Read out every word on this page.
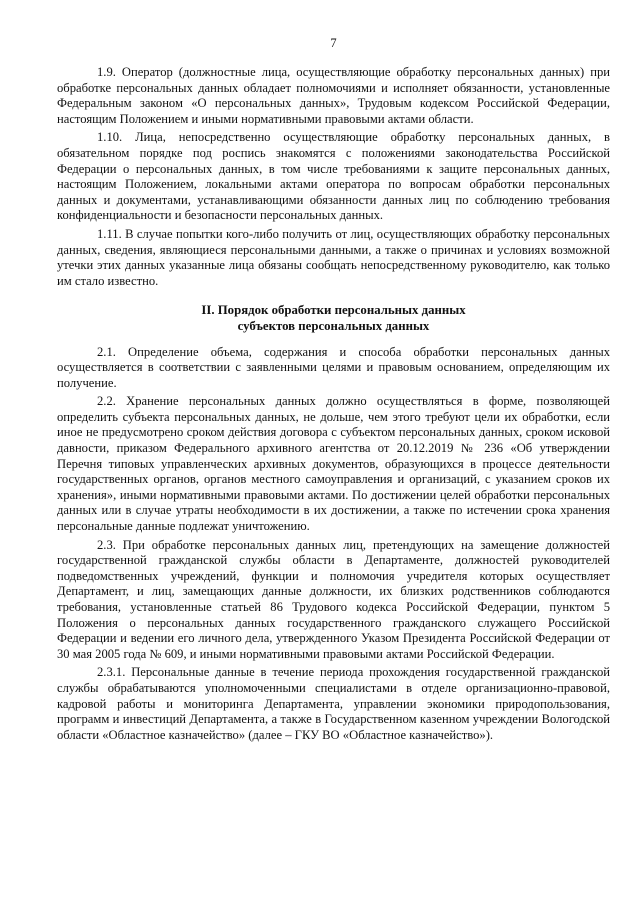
7

1.9. Оператор (должностные лица, осуществляющие обработку персональных данных) при обработке персональных данных обладает полномочиями и исполняет обязанности, установленные Федеральным законом «О персональных данных», Трудовым кодексом Российской Федерации, настоящим Положением и иными нормативными правовыми актами области.

1.10. Лица, непосредственно осуществляющие обработку персональных данных, в обязательном порядке под роспись знакомятся с положениями законодательства Российской Федерации о персональных данных, в том числе требованиями к защите персональных данных, настоящим Положением, локальными актами оператора по вопросам обработки персональных данных и документами, устанавливающими обязанности данных лиц по соблюдению требования конфиденциальности и безопасности персональных данных.

1.11. В случае попытки кого-либо получить от лиц, осуществляющих обработку персональных данных, сведения, являющиеся персональными данными, а также о причинах и условиях возможной утечки этих данных указанные лица обязаны сообщать непосредственному руководителю, как только им стало известно.

II. Порядок обработки персональных данных
субъектов персональных данных

2.1. Определение объема, содержания и способа обработки персональных данных осуществляется в соответствии с заявленными целями и правовым основанием, определяющим их получение.

2.2. Хранение персональных данных должно осуществляться в форме, позволяющей определить субъекта персональных данных, не дольше, чем этого требуют цели их обработки, если иное не предусмотрено сроком действия договора с субъектом персональных данных, сроком исковой давности, приказом Федерального архивного агентства от 20.12.2019 № 236 «Об утверждении Перечня типовых управленческих архивных документов, образующихся в процессе деятельности государственных органов, органов местного самоуправления и организаций, с указанием сроков их хранения», иными нормативными правовыми актами. По достижении целей обработки персональных данных или в случае утраты необходимости в их достижении, а также по истечении срока хранения персональные данные подлежат уничтожению.

2.3. При обработке персональных данных лиц, претендующих на замещение должностей государственной гражданской службы области в Департаменте, должностей руководителей подведомственных учреждений, функции и полномочия учредителя которых осуществляет Департамент, и лиц, замещающих данные должности, их близких родственников соблюдаются требования, установленные статьей 86 Трудового кодекса Российской Федерации, пунктом 5 Положения о персональных данных государственного гражданского служащего Российской Федерации и ведении его личного дела, утвержденного Указом Президента Российской Федерации от 30 мая 2005 года № 609, и иными нормативными правовыми актами Российской Федерации.

2.3.1. Персональные данные в течение периода прохождения государственной гражданской службы обрабатываются уполномоченными специалистами в отделе организационно-правовой, кадровой работы и мониторинга Департамента, управлении экономики природопользования, программ и инвестиций Департамента, а также в Государственном казенном учреждении Вологодской области «Областное казначейство» (далее – ГКУ ВО «Областное казначейство»).
